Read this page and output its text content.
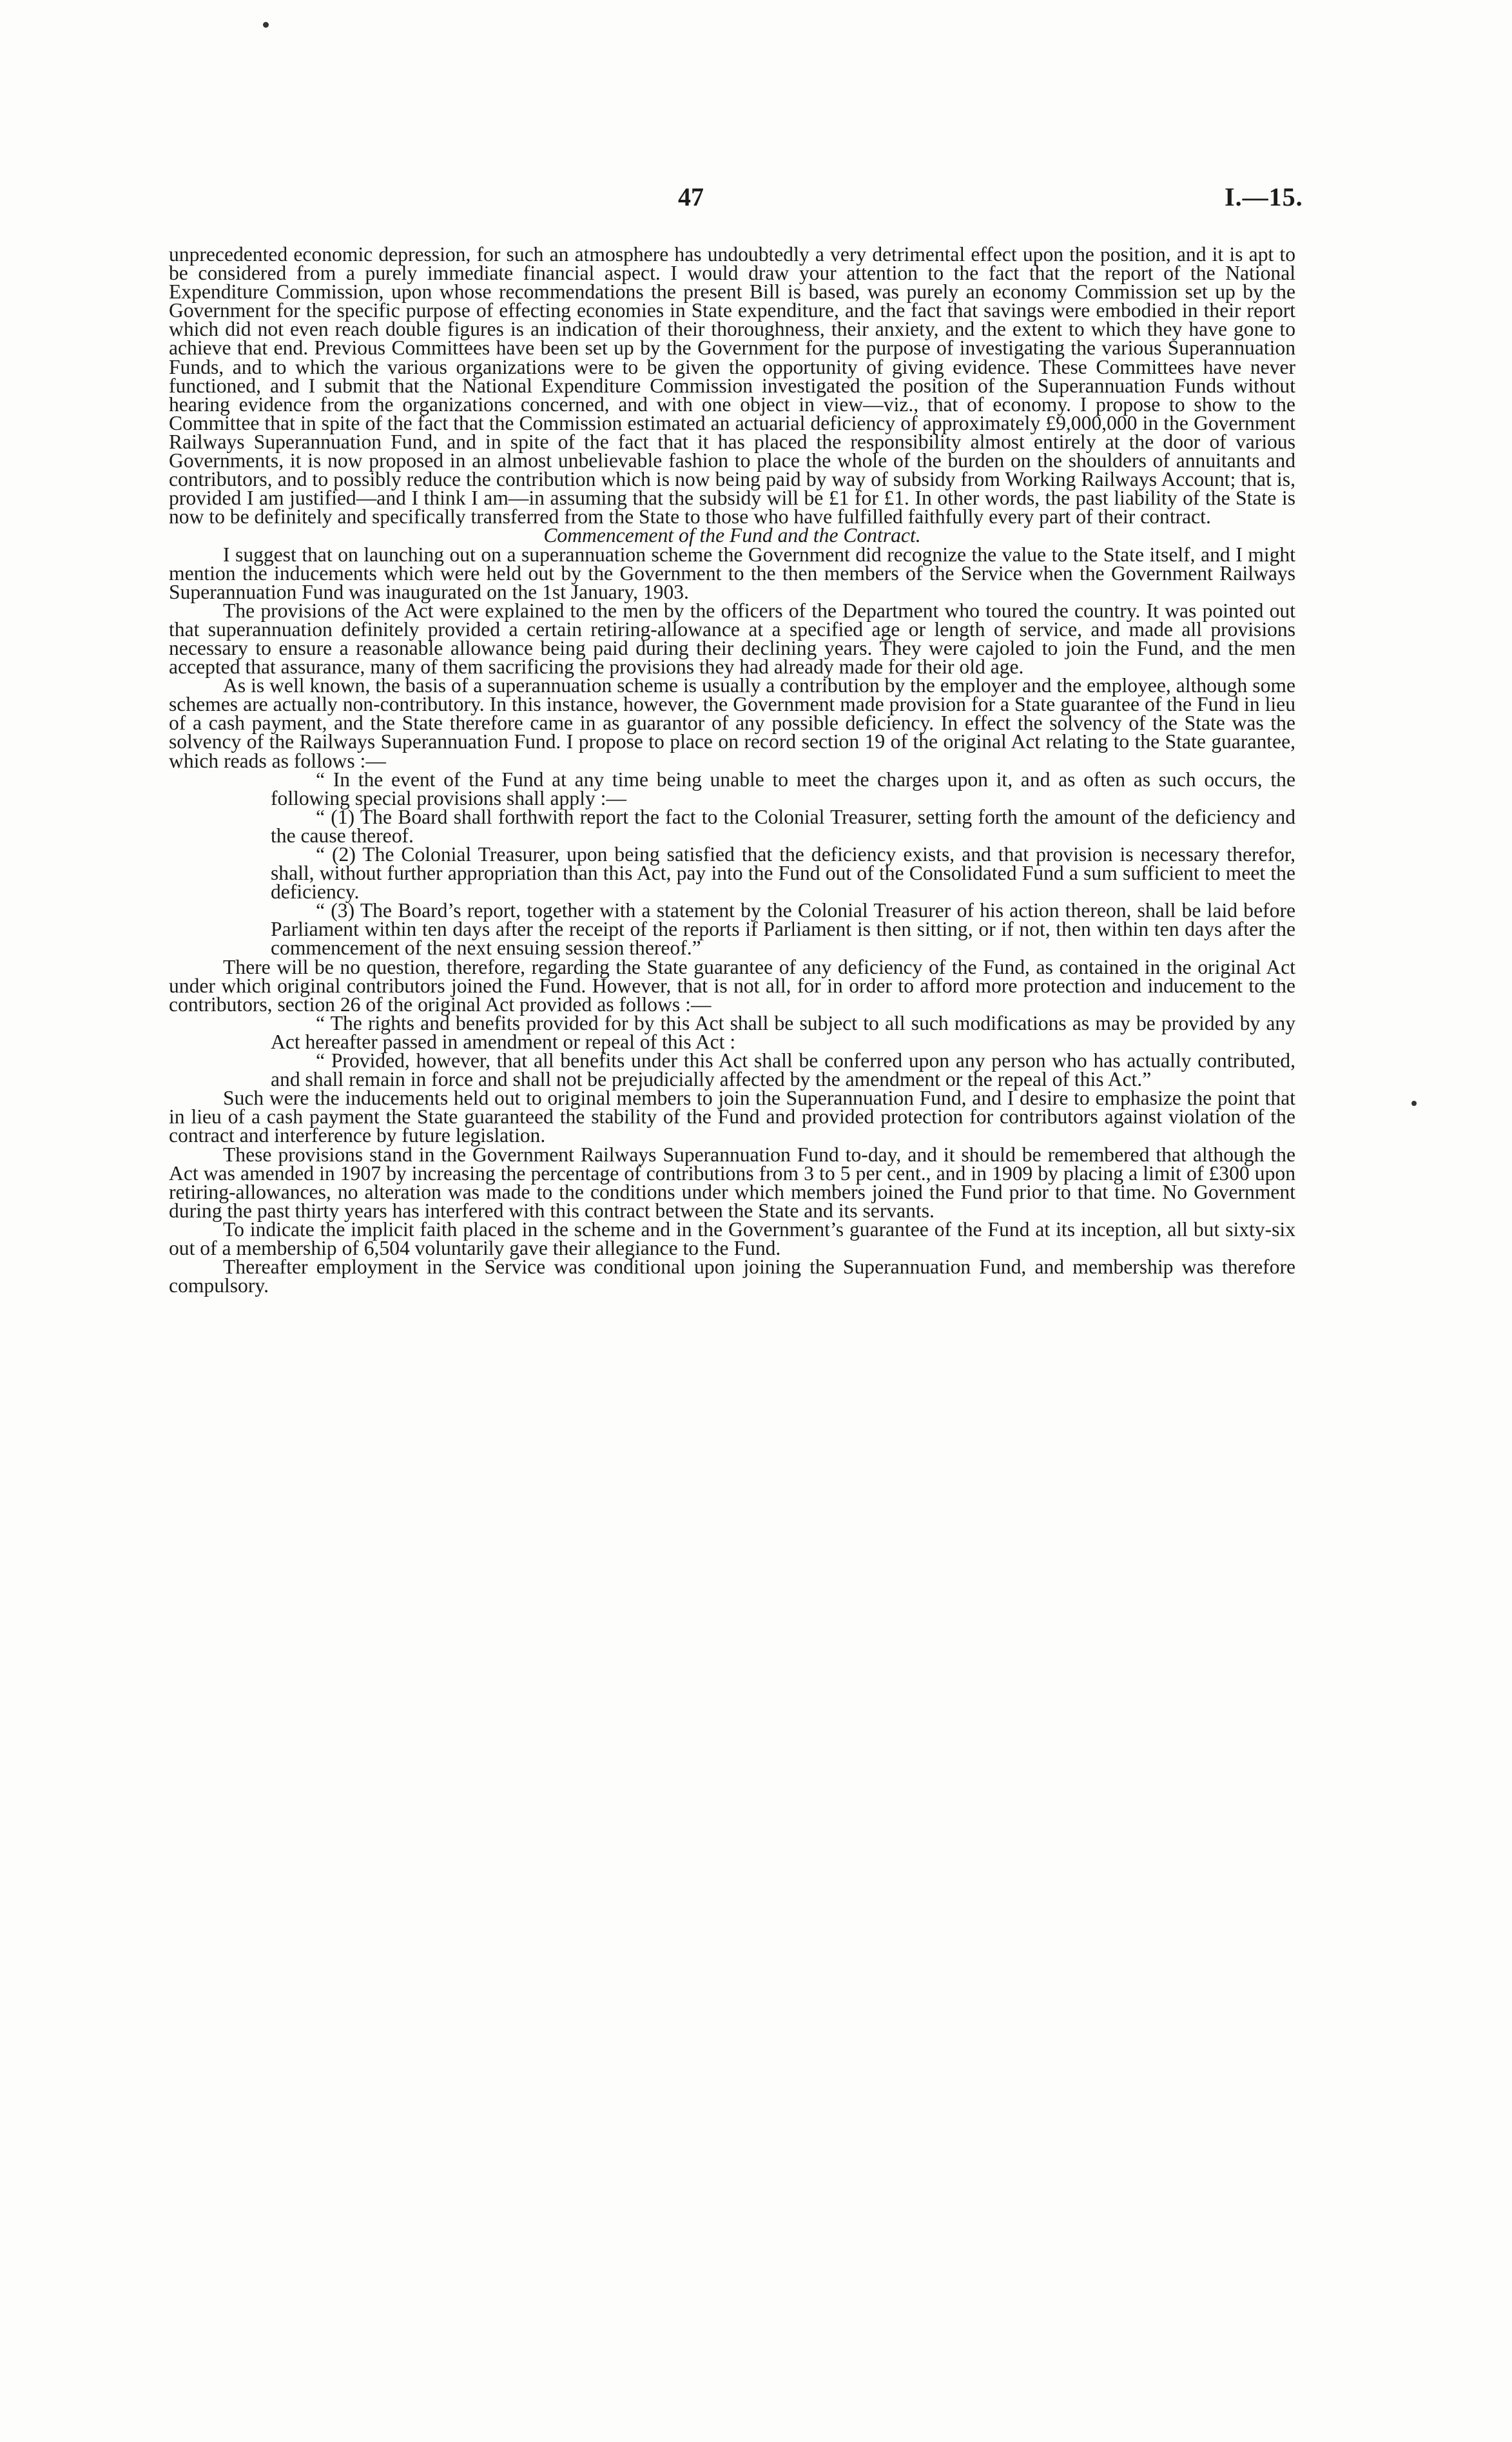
47	I.—15.

unprecedented economic depression, for such an atmosphere has undoubtedly a very detrimental effect upon the position, and it is apt to be considered from a purely immediate financial aspect. I would draw your attention to the fact that the report of the National Expenditure Commission, upon whose recommendations the present Bill is based, was purely an economy Commission set up by the Government for the specific purpose of effecting economies in State expenditure, and the fact that savings were embodied in their report which did not even reach double figures is an indication of their thoroughness, their anxiety, and the extent to which they have gone to achieve that end. Previous Committees have been set up by the Government for the purpose of investigating the various Superannuation Funds, and to which the various organizations were to be given the opportunity of giving evidence. These Committees have never functioned, and I submit that the National Expenditure Commission investigated the position of the Superannuation Funds without hearing evidence from the organizations concerned, and with one object in view—viz., that of economy. I propose to show to the Committee that in spite of the fact that the Commission estimated an actuarial deficiency of approximately £9,000,000 in the Government Railways Superannuation Fund, and in spite of the fact that it has placed the responsibility almost entirely at the door of various Governments, it is now proposed in an almost unbelievable fashion to place the whole of the burden on the shoulders of annuitants and contributors, and to possibly reduce the contribution which is now being paid by way of subsidy from Working Railways Account; that is, provided I am justified—and I think I am—in assuming that the subsidy will be £1 for £1. In other words, the past liability of the State is now to be definitely and specifically transferred from the State to those who have fulfilled faithfully every part of their contract.

Commencement of the Fund and the Contract.

I suggest that on launching out on a superannuation scheme the Government did recognize the value to the State itself, and I might mention the inducements which were held out by the Government to the then members of the Service when the Government Railways Superannuation Fund was inaugurated on the 1st January, 1903.

The provisions of the Act were explained to the men by the officers of the Department who toured the country. It was pointed out that superannuation definitely provided a certain retiring-allowance at a specified age or length of service, and made all provisions necessary to ensure a reasonable allowance being paid during their declining years. They were cajoled to join the Fund, and the men accepted that assurance, many of them sacrificing the provisions they had already made for their old age.

As is well known, the basis of a superannuation scheme is usually a contribution by the employer and the employee, although some schemes are actually non-contributory. In this instance, however, the Government made provision for a State guarantee of the Fund in lieu of a cash payment, and the State therefore came in as guarantor of any possible deficiency. In effect the solvency of the State was the solvency of the Railways Superannuation Fund. I propose to place on record section 19 of the original Act relating to the State guarantee, which reads as follows :—

“ In the event of the Fund at any time being unable to meet the charges upon it, and as often as such occurs, the following special provisions shall apply :—

“ (1) The Board shall forthwith report the fact to the Colonial Treasurer, setting forth the amount of the deficiency and the cause thereof.

“ (2) The Colonial Treasurer, upon being satisfied that the deficiency exists, and that provision is necessary therefor, shall, without further appropriation than this Act, pay into the Fund out of the Consolidated Fund a sum sufficient to meet the deficiency.

“ (3) The Board’s report, together with a statement by the Colonial Treasurer of his action thereon, shall be laid before Parliament within ten days after the receipt of the reports if Parliament is then sitting, or if not, then within ten days after the commencement of the next ensuing session thereof.”

There will be no question, therefore, regarding the State guarantee of any deficiency of the Fund, as contained in the original Act under which original contributors joined the Fund. However, that is not all, for in order to afford more protection and inducement to the contributors, section 26 of the original Act provided as follows :—

“ The rights and benefits provided for by this Act shall be subject to all such modifications as may be provided by any Act hereafter passed in amendment or repeal of this Act :

“ Provided, however, that all benefits under this Act shall be conferred upon any person who has actually contributed, and shall remain in force and shall not be prejudicially affected by the amendment or the repeal of this Act.”

Such were the inducements held out to original members to join the Superannuation Fund, and I desire to emphasize the point that in lieu of a cash payment the State guaranteed the stability of the Fund and provided protection for contributors against violation of the contract and interference by future legislation.

These provisions stand in the Government Railways Superannuation Fund to-day, and it should be remembered that although the Act was amended in 1907 by increasing the percentage of contributions from 3 to 5 per cent., and in 1909 by placing a limit of £300 upon retiring-allowances, no alteration was made to the conditions under which members joined the Fund prior to that time. No Government during the past thirty years has interfered with this contract between the State and its servants.

To indicate the implicit faith placed in the scheme and in the Government’s guarantee of the Fund at its inception, all but sixty-six out of a membership of 6,504 voluntarily gave their allegiance to the Fund.

Thereafter employment in the Service was conditional upon joining the Superannuation Fund, and membership was therefore compulsory.
